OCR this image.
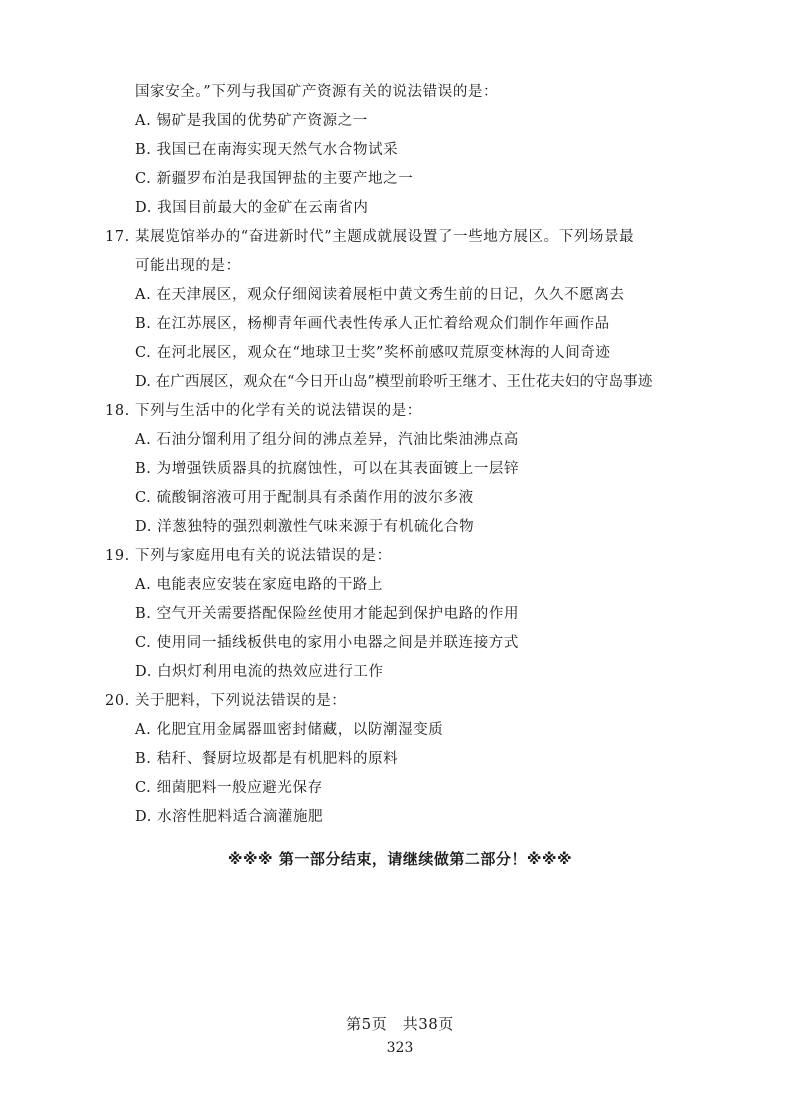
国家安全。”下列与我国矿产资源有关的说法错误的是：
A. 锡矿是我国的优势矿产资源之一
B. 我国已在南海实现天然气水合物试采
C. 新疆罗布泊是我国钾盐的主要产地之一
D. 我国目前最大的金矿在云南省内
17. 某展览馆举办的“奋进新时代”主题成就展设置了一些地方展区。下列场景最
可能出现的是：
A. 在天津展区，观众仔细阅读着展柜中黄文秀生前的日记，久久不愿离去
B. 在江苏展区，杨柳青年画代表性传承人正忙着给观众们制作年画作品
C. 在河北展区，观众在“地球卫士奖”奖杯前感叹荒原变林海的人间奇迹
D. 在广西展区，观众在“今日开山岛”模型前聆听王继才、王仕花夫妇的守岛事迹
18. 下列与生活中的化学有关的说法错误的是：
A. 石油分馏利用了组分间的沸点差异，汽油比柴油沸点高
B. 为增强铁质器具的抗腐蚀性，可以在其表面镀上一层锌
C. 硫酸铜溶液可用于配制具有杀菌作用的波尔多液
D. 洋葱独特的强烈刺激性气味来源于有机硫化合物
19. 下列与家庭用电有关的说法错误的是：
A. 电能表应安装在家庭电路的干路上
B. 空气开关需要搭配保险丝使用才能起到保护电路的作用
C. 使用同一插线板供电的家用小电器之间是并联连接方式
D. 白炽灯利用电流的热效应进行工作
20. 关于肥料，下列说法错误的是：
A. 化肥宜用金属器皿密封储藏，以防潮湿变质
B. 秸秆、餐厨垃圾都是有机肥料的原料
C. 细菌肥料一般应避光保存
D. 水溶性肥料适合滴灌施肥
※※※ 第一部分结束，请继续做第二部分！※※※
第5页　共38页
323
